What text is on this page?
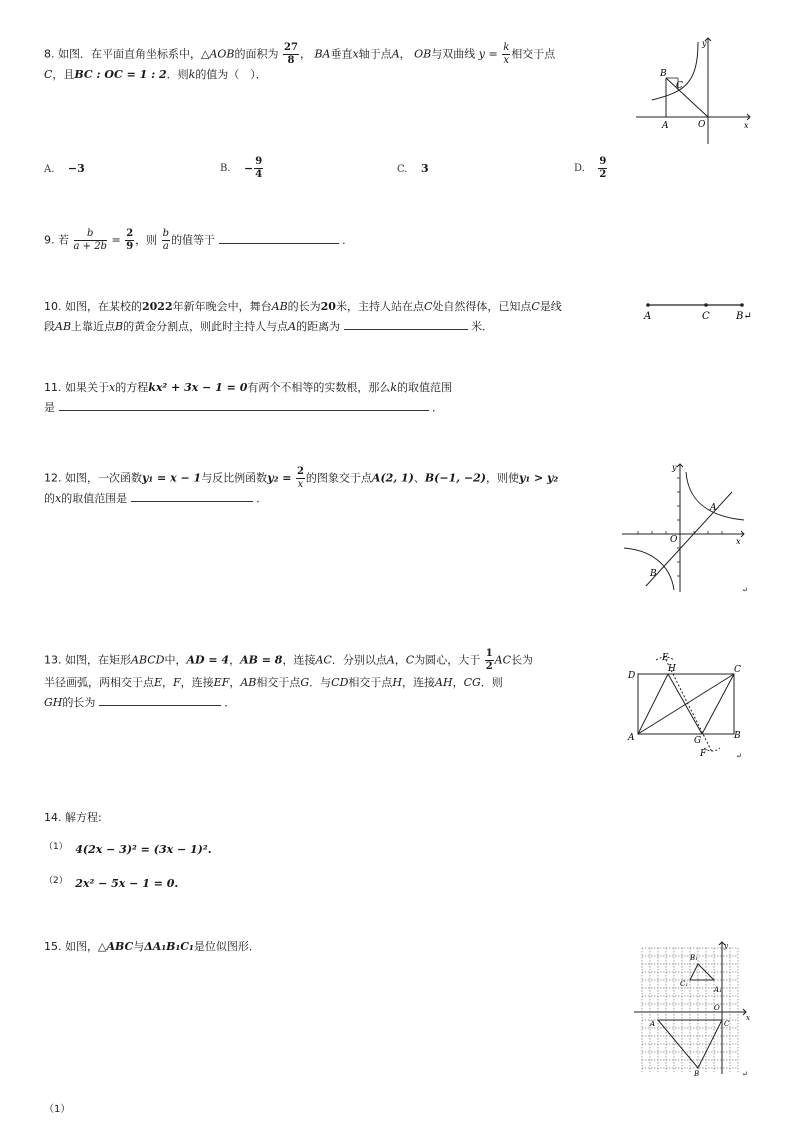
8. 如图．在平面直角坐标系中，△AOB的面积为 $\frac{27}{8}$ ， BA垂直x轴于点A， OB与双曲线 $y = \frac{k}{x}$ 相交于点
C，且BC : OC = 1 : 2．则k的值为（　）．
y
x
B
C
A	O
A. −3	B. − $\frac{9}{4}$	C. 3	D. $\frac{9}{2}$
9. 若 $\frac{b}{a + 2b} = \frac{2}{9}$ ，则 $\frac{b}{a}$ 的值等于	．
10. 如图，在某校的2022年新年晚会中，舞台AB的长为20米，主持人站在点C处自然得体，已知点C是线
段AB上靠近点B的黄金分割点，则此时主持人与点A的距离为	米．
A	C	B↵
11. 如果关于x的方程kx² + 3x − 1 = 0有两个不相等的实数根，那么k的取值范围
是	．
12. 如图，一次函数y₁ = x − 1与反比例函数$y_2 = \frac{2}{x}$ 的图象交于点A(2, 1)、B(−1, −2)，则使y₁ > y₂
的x的取值范围是	．
y
x
A
B
O
↵
13. 如图，在矩形ABCD中，AD = 4，AB = 8，连接AC．分别以点A，C为圆心，大于 $\frac{1}{2}$ AC长为
半径画弧，两相交于点E，F，连接EF，AB相交于点G．与CD相交于点H，连接AH，CG．则
GH的长为	．
E
H	C
D
A	G	B
F	↵
14. 解方程:
$^{(1)}$ 4(2x − 3)² = (3x − 1)².
$^{(2)}$ 2x² − 5x − 1 = 0.
15. 如图，△ABC与ΔA₁B₁C₁是位似图形．
（1）
y
x
B₁
C₁
A₁
O
A	C
B	↵
